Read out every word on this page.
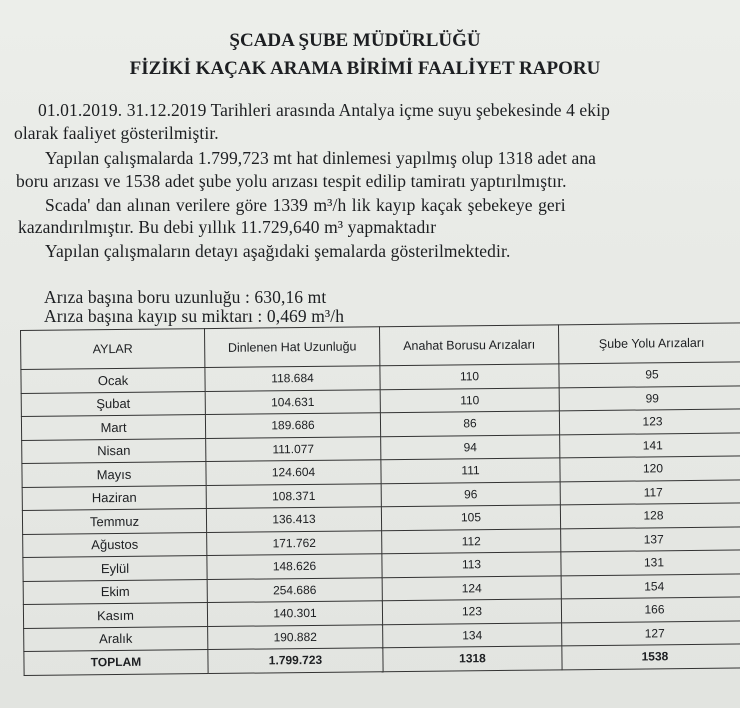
ŞCADA ŞUBE MÜDÜRLÜĞÜ
FİZİKİ KAÇAK ARAMA BİRİMİ FAALİYET RAPORU
01.01.2019. 31.12.2019 Tarihleri arasında Antalya içme suyu şebekesinde 4 ekip
olarak faaliyet gösterilmiştir.
Yapılan çalışmalarda 1.799,723 mt hat dinlemesi yapılmış olup 1318 adet ana
boru arızası ve 1538 adet şube yolu arızası tespit edilip tamiratı yaptırılmıştır.
Scada' dan alınan verilere göre 1339 m³/h lik kayıp kaçak şebekeye geri
kazandırılmıştır. Bu debi yıllık 11.729,640 m³ yapmaktadır
Yapılan çalışmaların detayı aşağıdaki şemalarda gösterilmektedir.
Arıza başına boru uzunluğu : 630,16 mt
Arıza başına kayıp su miktarı : 0,469 m³/h
AYLAR	Dinlenen Hat Uzunluğu	Anahat Borusu Arızaları	Şube Yolu Arızaları
Ocak	118.684	110	95
Şubat	104.631	110	99
Mart	189.686	86	123
Nisan	111.077	94	141
Mayıs	124.604	111	120
Haziran	108.371	96	117
Temmuz	136.413	105	128
Ağustos	171.762	112	137
Eylül	148.626	113	131
Ekim	254.686	124	154
Kasım	140.301	123	166
Aralık	190.882	134	127
TOPLAM	1.799.723	1318	1538
